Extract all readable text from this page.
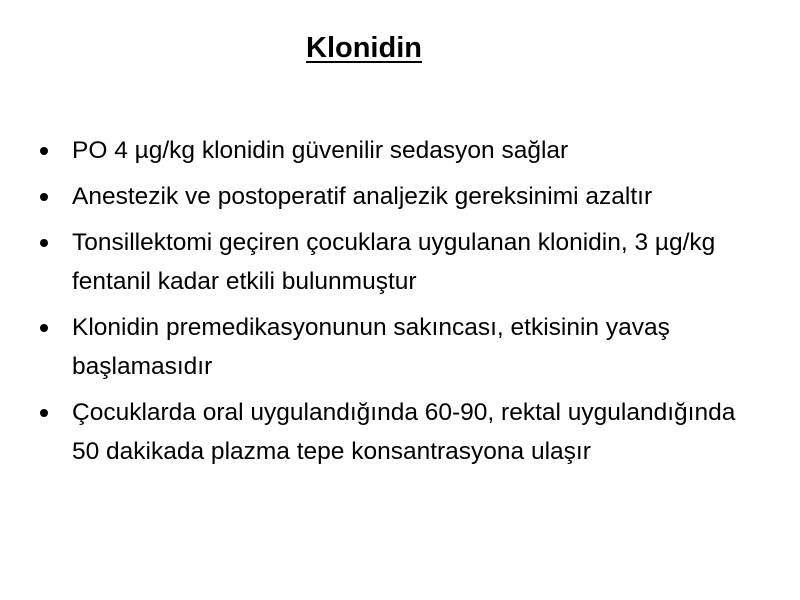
Klonidin
PO 4 µg/kg klonidin güvenilir sedasyon sağlar
Anestezik ve postoperatif analjezik gereksinimi azaltır
Tonsillektomi geçiren çocuklara uygulanan klonidin, 3 µg/kg fentanil kadar etkili bulunmuştur
Klonidin premedikasyonunun sakıncası, etkisinin yavaş başlamasıdır
Çocuklarda oral uygulandığında 60-90, rektal uygulandığında 50 dakikada plazma tepe konsantrasyona ulaşır
